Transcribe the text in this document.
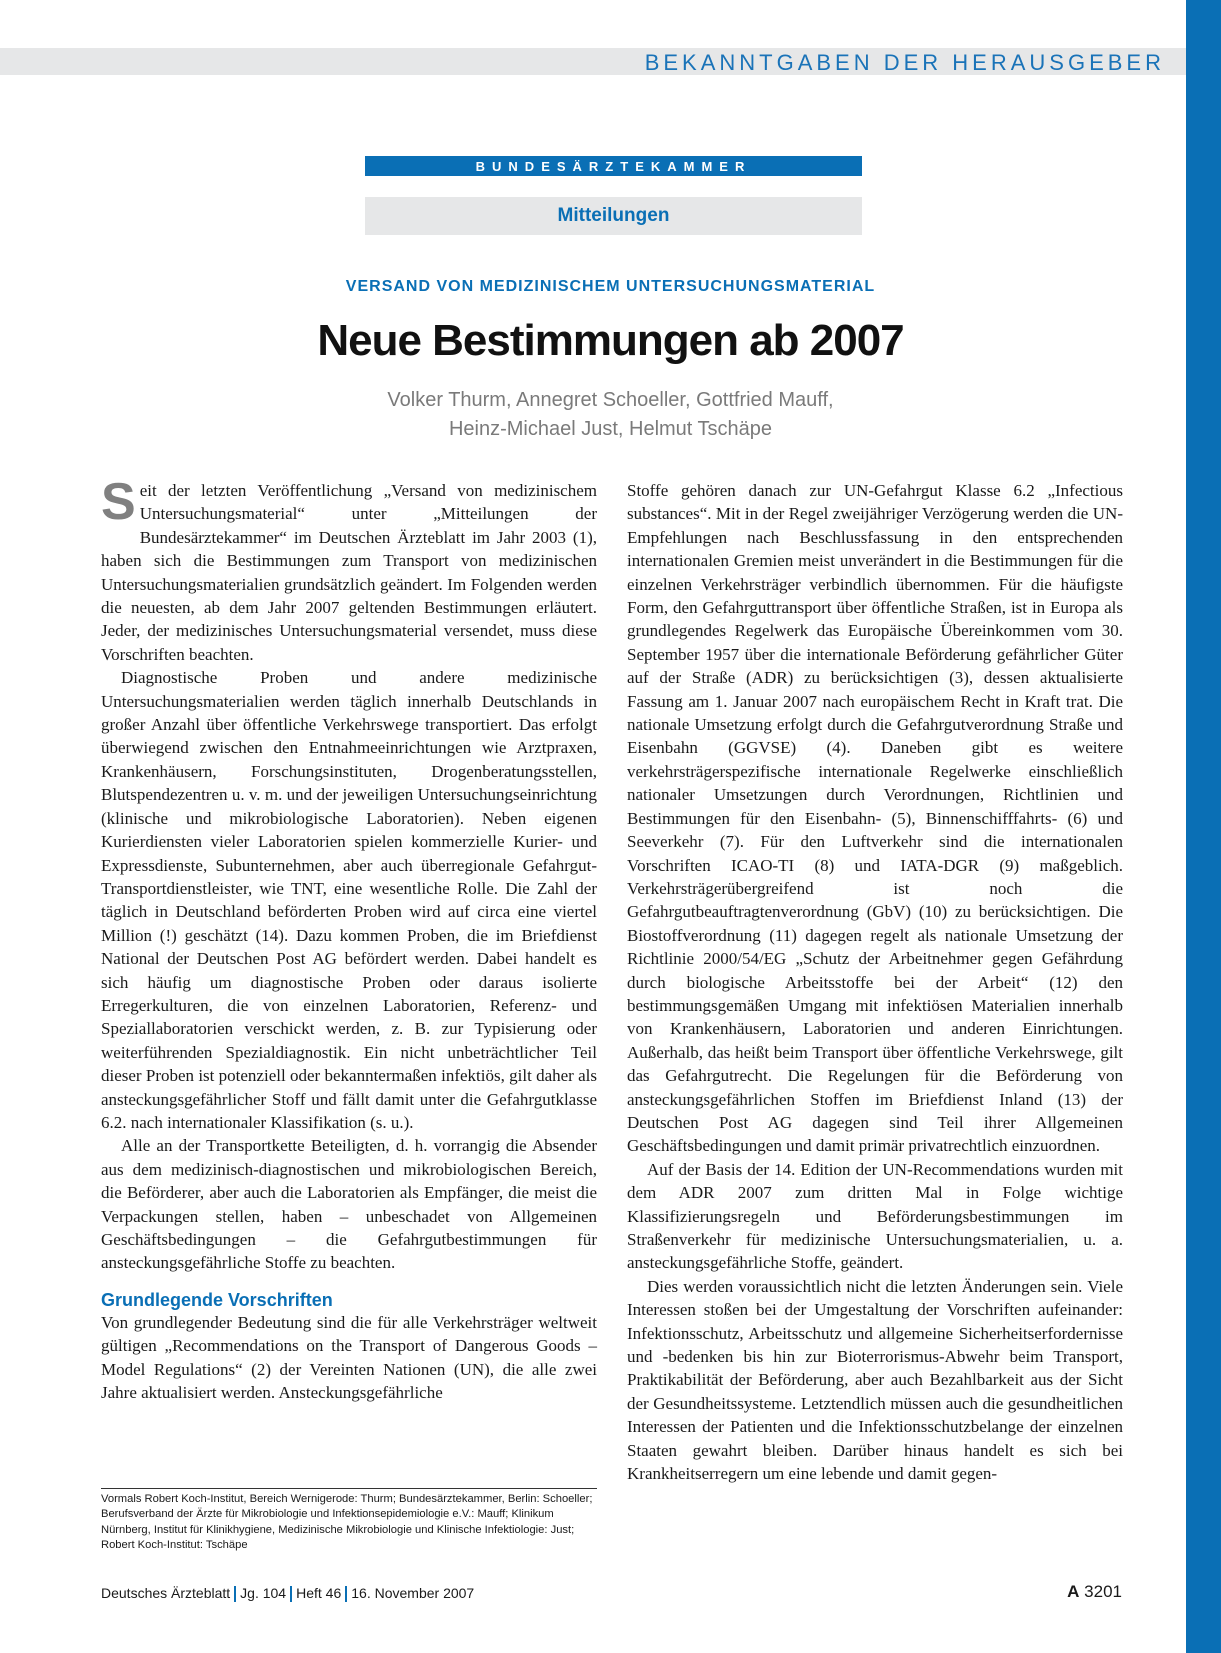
BEKANNTGABEN DER HERAUSGEBER
BUNDESÄRZTEKAMMER
Mitteilungen
VERSAND VON MEDIZINISCHEM UNTERSUCHUNGSMATERIAL
Neue Bestimmungen ab 2007
Volker Thurm, Annegret Schoeller, Gottfried Mauff,
Heinz-Michael Just, Helmut Tschäpe
S eit der letzten Veröffentlichung „Versand von medizinischem Untersuchungsmaterial“ unter „Mitteilungen der Bundesärztekammer“ im Deutschen Ärzteblatt im Jahr 2003 (1), haben sich die Bestimmungen zum Transport von medizinischen Untersuchungsmaterialien grundsätzlich geändert. Im Folgenden werden die neuesten, ab dem Jahr 2007 geltenden Bestimmungen erläutert. Jeder, der medizinisches Untersuchungsmaterial versendet, muss diese Vorschriften beachten.

Diagnostische Proben und andere medizinische Untersuchungsmaterialien werden täglich innerhalb Deutschlands in großer Anzahl über öffentliche Verkehrswege transportiert. Das erfolgt überwiegend zwischen den Entnahmeeinrichtungen wie Arztpraxen, Krankenhäusern, Forschungsinstituten, Drogenberatungsstellen, Blutspendezentren u. v. m. und der jeweiligen Untersuchungseinrichtung (klinische und mikrobiologische Laboratorien). Neben eigenen Kurierdiensten vieler Laboratorien spielen kommerzielle Kurier- und Expressdienste, Subunternehmen, aber auch überregionale Gefahrgut-Transportdienstleister, wie TNT, eine wesentliche Rolle. Die Zahl der täglich in Deutschland beförderten Proben wird auf circa eine viertel Million (!) geschätzt (14). Dazu kommen Proben, die im Briefdienst National der Deutschen Post AG befördert werden. Dabei handelt es sich häufig um diagnostische Proben oder daraus isolierte Erregerkulturen, die von einzelnen Laboratorien, Referenz- und Speziallaboratorien verschickt werden, z. B. zur Typisierung oder weiterführenden Spezialdiagnostik. Ein nicht unbeträchtlicher Teil dieser Proben ist potenziell oder bekanntermaßen infektiös, gilt daher als ansteckungsgefährlicher Stoff und fällt damit unter die Gefahrgutklasse 6.2. nach internationaler Klassifikation (s. u.).

Alle an der Transportkette Beteiligten, d. h. vorrangig die Absender aus dem medizinisch-diagnostischen und mikrobiologischen Bereich, die Beförderer, aber auch die Laboratorien als Empfänger, die meist die Verpackungen stellen, haben – unbeschadet von Allgemeinen Geschäftsbedingungen – die Gefahrgutbestimmungen für ansteckungsgefährliche Stoffe zu beachten.

Grundlegende Vorschriften

Von grundlegender Bedeutung sind die für alle Verkehrsträger weltweit gültigen „Recommendations on the Transport of Dangerous Goods – Model Regulations“ (2) der Vereinten Nationen (UN), die alle zwei Jahre aktualisiert werden. Ansteckungsgefährliche

Stoffe gehören danach zur UN-Gefahrgut Klasse 6.2 „Infectious substances“. Mit in der Regel zweijähriger Verzögerung werden die UN-Empfehlungen nach Beschlussfassung in den entsprechenden internationalen Gremien meist unverändert in die Bestimmungen für die einzelnen Verkehrsträger verbindlich übernommen. Für die häufigste Form, den Gefahrguttransport über öffentliche Straßen, ist in Europa als grundlegendes Regelwerk das Europäische Übereinkommen vom 30. September 1957 über die internationale Beförderung gefährlicher Güter auf der Straße (ADR) zu berücksichtigen (3), dessen aktualisierte Fassung am 1. Januar 2007 nach europäischem Recht in Kraft trat. Die nationale Umsetzung erfolgt durch die Gefahrgutverordnung Straße und Eisenbahn (GGVSE) (4). Daneben gibt es weitere verkehrsträgerspezifische internationale Regelwerke einschließlich nationaler Umsetzungen durch Verordnungen, Richtlinien und Bestimmungen für den Eisenbahn- (5), Binnenschifffahrts- (6) und Seeverkehr (7). Für den Luftverkehr sind die internationalen Vorschriften ICAO-TI (8) und IATA-DGR (9) maßgeblich. Verkehrsträgerübergreifend ist noch die Gefahrgutbeauftragtenverordnung (GbV) (10) zu berücksichtigen. Die Biostoffverordnung (11) dagegen regelt als nationale Umsetzung der Richtlinie 2000/54/EG „Schutz der Arbeitnehmer gegen Gefährdung durch biologische Arbeitsstoffe bei der Arbeit“ (12) den bestimmungsgemäßen Umgang mit infektiösen Materialien innerhalb von Krankenhäusern, Laboratorien und anderen Einrichtungen. Außerhalb, das heißt beim Transport über öffentliche Verkehrswege, gilt das Gefahrgutrecht. Die Regelungen für die Beförderung von ansteckungsgefährlichen Stoffen im Briefdienst Inland (13) der Deutschen Post AG dagegen sind Teil ihrer Allgemeinen Geschäftsbedingungen und damit primär privatrechtlich einzuordnen.

Auf der Basis der 14. Edition der UN-Recommendations wurden mit dem ADR 2007 zum dritten Mal in Folge wichtige Klassifizierungsregeln und Beförderungsbestimmungen im Straßenverkehr für medizinische Untersuchungsmaterialien, u. a. ansteckungsgefährliche Stoffe, geändert.

Dies werden voraussichtlich nicht die letzten Änderungen sein. Viele Interessen stoßen bei der Umgestaltung der Vorschriften aufeinander: Infektionsschutz, Arbeitsschutz und allgemeine Sicherheitserfordernisse und -bedenken bis hin zur Bioterrorismus-Abwehr beim Transport, Praktikabilität der Beförderung, aber auch Bezahlbarkeit aus der Sicht der Gesundheitssysteme. Letztendlich müssen auch die gesundheitlichen Interessen der Patienten und die Infektionsschutzbelange der einzelnen Staaten gewahrt bleiben. Darüber hinaus handelt es sich bei Krankheitserregern um eine lebende und damit gegen-

Vormals Robert Koch-Institut, Bereich Wernigerode: Thurm; Bundesärztekammer, Berlin: Schoeller; Berufsverband der Ärzte für Mikrobiologie und Infektionsepidemiologie e.V.: Mauff; Klinikum Nürnberg, Institut für Klinikhygiene, Medizinische Mikrobiologie und Klinische Infektiologie: Just; Robert Koch-Institut: Tschäpe
Deutsches Ärzteblatt Jg. 104 Heft 46 16. November 2007	A 3201
